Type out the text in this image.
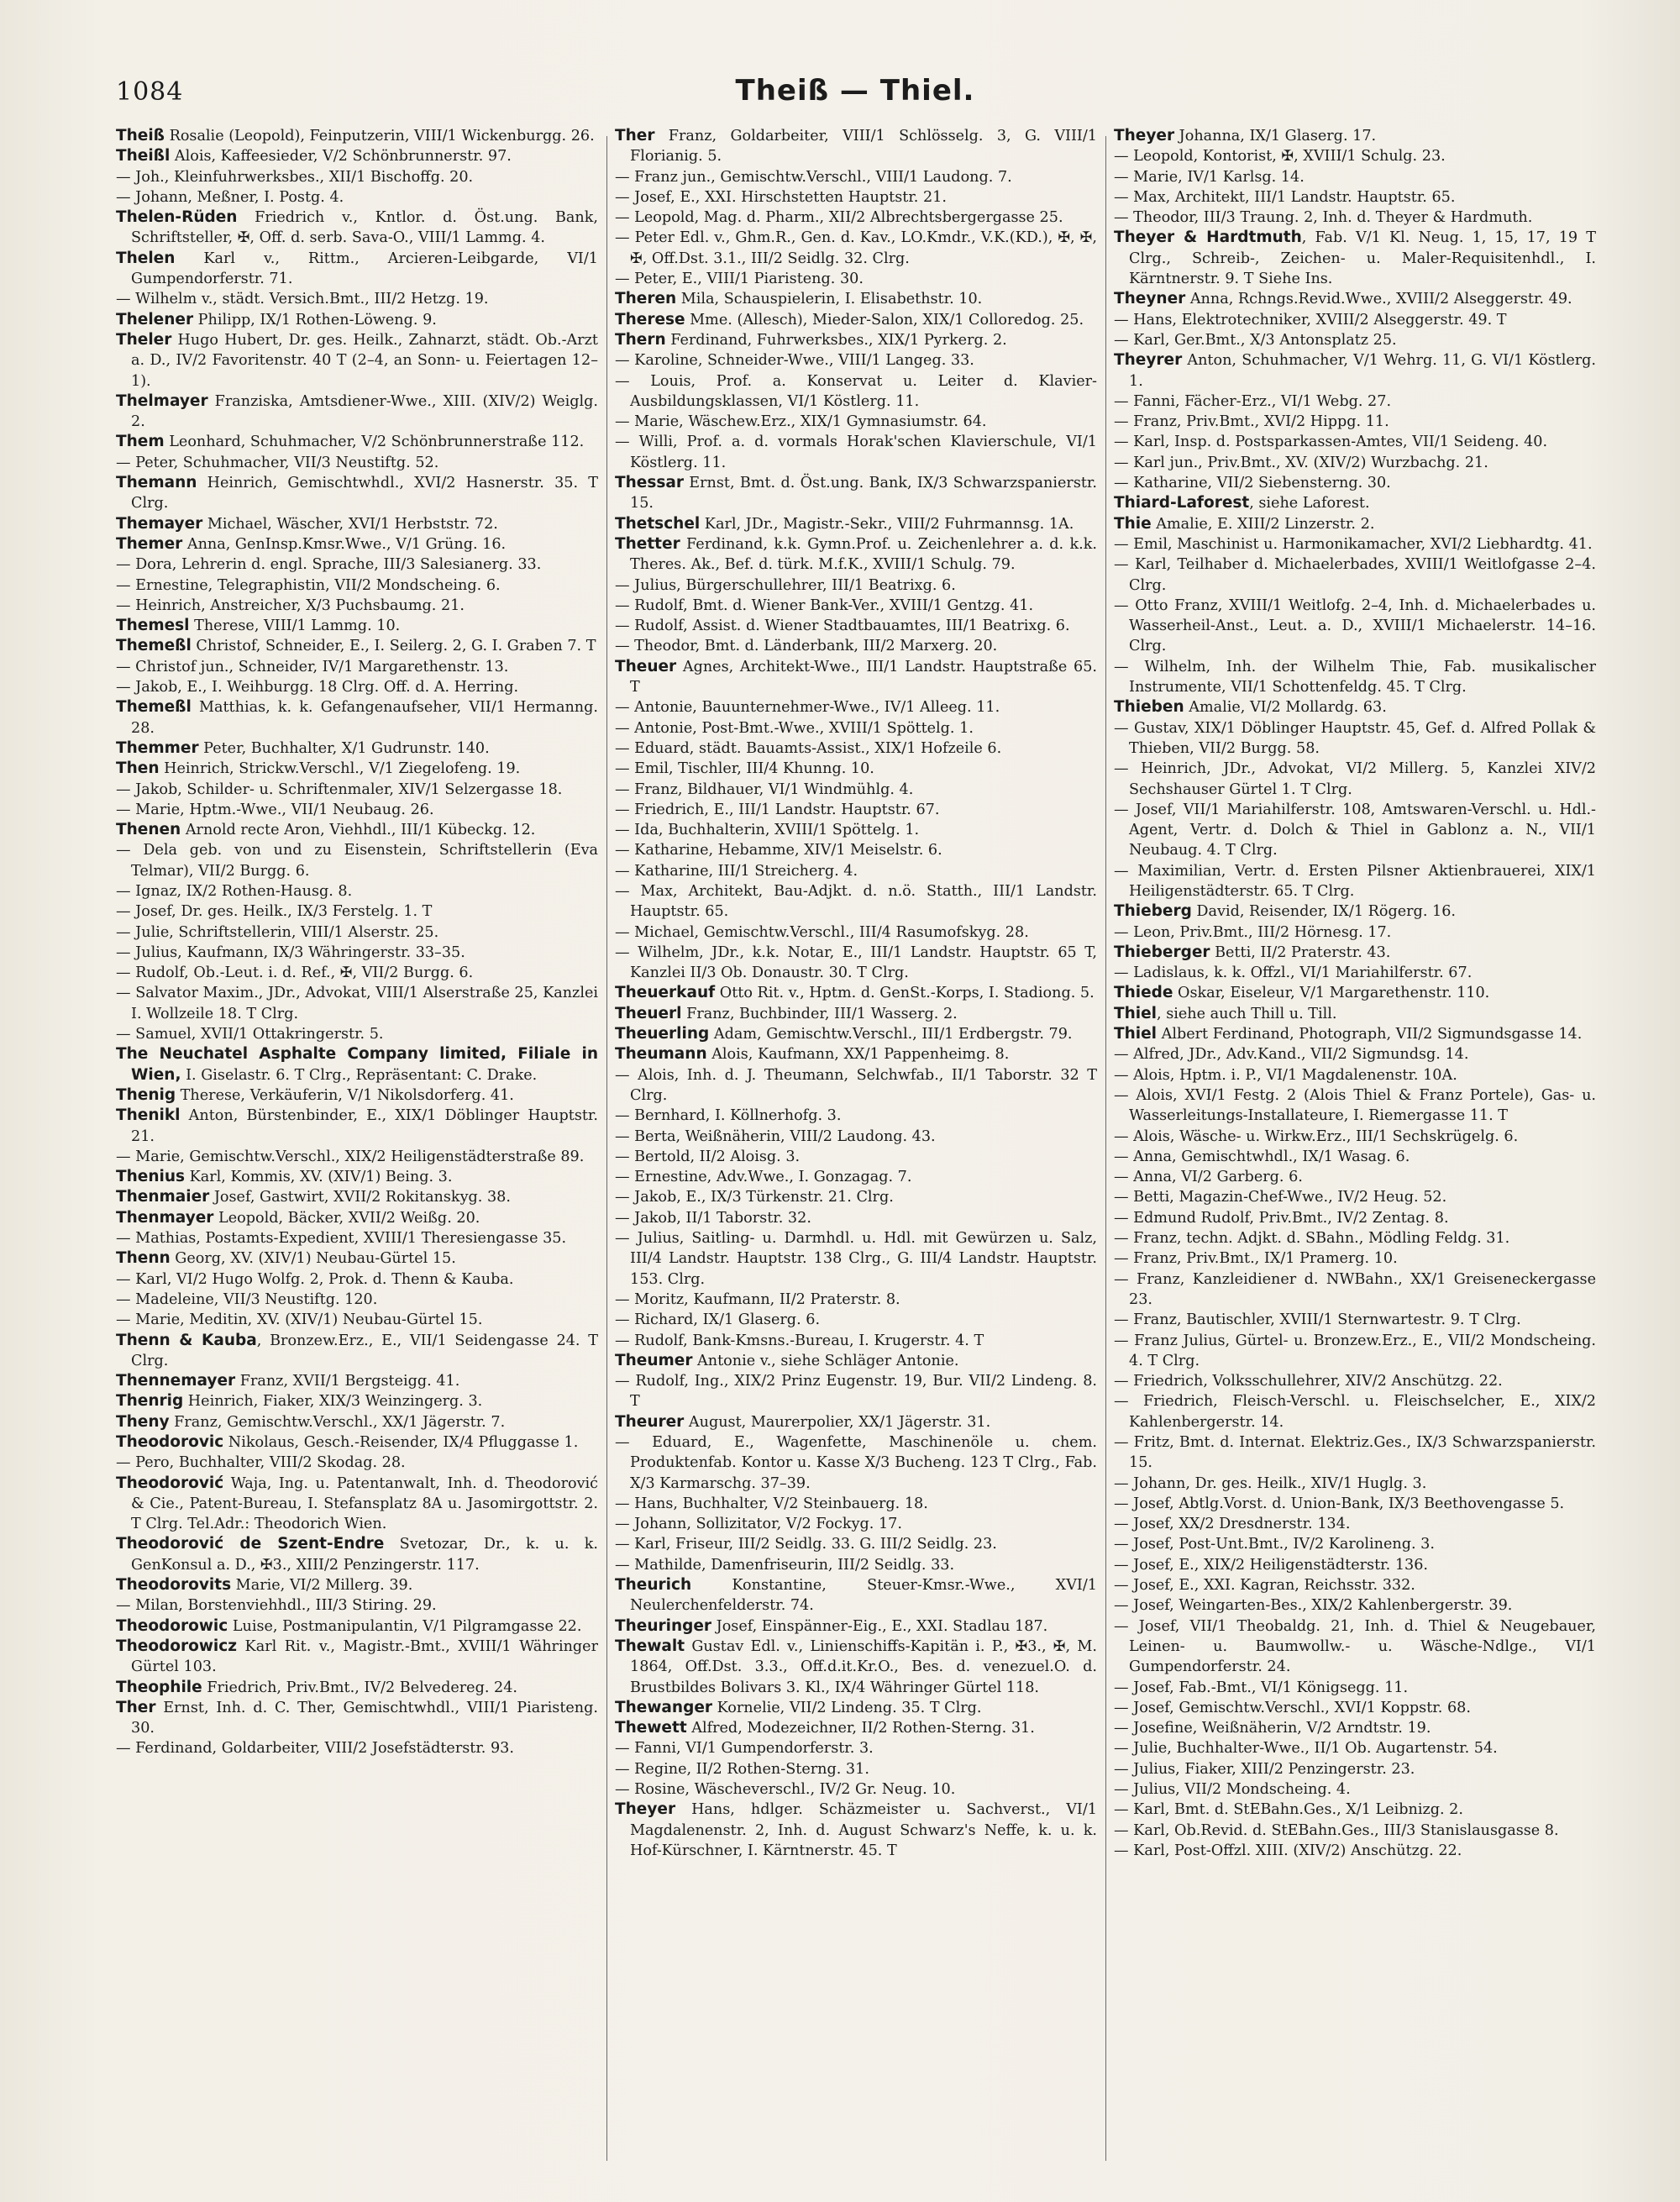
1084	Theiß — Thiel.

Theiß Rosalie (Leopold), Feinputzerin, VIII/1 Wickenburgg. 26.

Theißl Alois, Kaffeesieder, V/2 Schönbrunnerstr. 97.

— Joh., Kleinfuhrwerksbes., XII/1 Bischoffg. 20.

— Johann, Meßner, I. Postg. 4.

Thelen-Rüden Friedrich v., Kntlor. d. Öst.ung. Bank, Schriftsteller, ✠, Off. d. serb. Sava-O., VIII/1 Lammg. 4.

Thelen Karl v., Rittm., Arcieren-Leibgarde, VI/1 Gumpendorferstr. 71.

— Wilhelm v., städt. Versich.Bmt., III/2 Hetzg. 19.

Thelener Philipp, IX/1 Rothen-Löweng. 9.

Theler Hugo Hubert, Dr. ges. Heilk., Zahnarzt, städt. Ob.-Arzt a. D., IV/2 Favoritenstr. 40 T (2–4, an Sonn- u. Feiertagen 12–1).

Thelmayer Franziska, Amtsdiener-Wwe., XIII. (XIV/2) Weiglg. 2.

Them Leonhard, Schuhmacher, V/2 Schönbrunnerstraße 112.

— Peter, Schuhmacher, VII/3 Neustiftg. 52.

Themann Heinrich, Gemischtwhdl., XVI/2 Hasnerstr. 35. T Clrg.

Themayer Michael, Wäscher, XVI/1 Herbststr. 72.

Themer Anna, GenInsp.Kmsr.Wwe., V/1 Grüng. 16.

— Dora, Lehrerin d. engl. Sprache, III/3 Salesianerg. 33.

— Ernestine, Telegraphistin, VII/2 Mondscheing. 6.

— Heinrich, Anstreicher, X/3 Puchsbaumg. 21.

Themesl Therese, VIII/1 Lammg. 10.

Themeßl Christof, Schneider, E., I. Seilerg. 2, G. I. Graben 7. T

— Christof jun., Schneider, IV/1 Margarethenstr. 13.

— Jakob, E., I. Weihburgg. 18 Clrg. Off. d. A. Herring.

Themeßl Matthias, k. k. Gefangenaufseher, VII/1 Hermanng. 28.

Themmer Peter, Buchhalter, X/1 Gudrunstr. 140.

Then Heinrich, Strickw.Verschl., V/1 Ziegelofeng. 19.

— Jakob, Schilder- u. Schriftenmaler, XIV/1 Selzergasse 18.

— Marie, Hptm.-Wwe., VII/1 Neubaug. 26.

Thenen Arnold recte Aron, Viehhdl., III/1 Kübeckg. 12.

— Dela geb. von und zu Eisenstein, Schriftstellerin (Eva Telmar), VII/2 Burgg. 6.

— Ignaz, IX/2 Rothen-Hausg. 8.

— Josef, Dr. ges. Heilk., IX/3 Ferstelg. 1. T

— Julie, Schriftstellerin, VIII/1 Alserstr. 25.

— Julius, Kaufmann, IX/3 Währingerstr. 33–35.

— Rudolf, Ob.-Leut. i. d. Ref., ✠, VII/2 Burgg. 6.

— Salvator Maxim., JDr., Advokat, VIII/1 Alserstraße 25, Kanzlei I. Wollzeile 18. T Clrg.

— Samuel, XVII/1 Ottakringerstr. 5.

The Neuchatel Asphalte Company limited, Filiale in Wien, I. Giselastr. 6. T Clrg., Repräsentant: C. Drake.

Thenig Therese, Verkäuferin, V/1 Nikolsdorferg. 41.

Thenikl Anton, Bürstenbinder, E., XIX/1 Döblinger Hauptstr. 21.

— Marie, Gemischtw.Verschl., XIX/2 Heiligenstädterstraße 89.

Thenius Karl, Kommis, XV. (XIV/1) Being. 3.

Thenmaier Josef, Gastwirt, XVII/2 Rokitanskyg. 38.

Thenmayer Leopold, Bäcker, XVII/2 Weißg. 20.

— Mathias, Postamts-Expedient, XVIII/1 Theresiengasse 35.

Thenn Georg, XV. (XIV/1) Neubau-Gürtel 15.

— Karl, VI/2 Hugo Wolfg. 2, Prok. d. Thenn & Kauba.

— Madeleine, VII/3 Neustiftg. 120.

— Marie, Meditin, XV. (XIV/1) Neubau-Gürtel 15.

Thenn & Kauba, Bronzew.Erz., E., VII/1 Seidengasse 24. T Clrg.

Thennemayer Franz, XVII/1 Bergsteigg. 41.

Thenrig Heinrich, Fiaker, XIX/3 Weinzingerg. 3.

Theny Franz, Gemischtw.Verschl., XX/1 Jägerstr. 7.

Theodorovic Nikolaus, Gesch.-Reisender, IX/4 Pfluggasse 1.

— Pero, Buchhalter, VIII/2 Skodag. 28.

Theodorović Waja, Ing. u. Patentanwalt, Inh. d. Theodorović & Cie., Patent-Bureau, I. Stefansplatz 8A u. Jasomirgottstr. 2. T Clrg. Tel.Adr.: Theodorich Wien.

Theodorović de Szent-Endre Svetozar, Dr., k. u. k. GenKonsul a. D., ✠3., XIII/2 Penzingerstr. 117.

Theodorovits Marie, VI/2 Millerg. 39.

— Milan, Borstenviehhdl., III/3 Stiring. 29.

Theodorowic Luise, Postmanipulantin, V/1 Pilgramgasse 22.

Theodorowicz Karl Rit. v., Magistr.-Bmt., XVIII/1 Währinger Gürtel 103.

Theophile Friedrich, Priv.Bmt., IV/2 Belvedereg. 24.

Ther Ernst, Inh. d. C. Ther, Gemischtwhdl., VIII/1 Piaristeng. 30.

— Ferdinand, Goldarbeiter, VIII/2 Josefstädterstr. 93.

Ther Franz, Goldarbeiter, VIII/1 Schlösselg. 3, G. VIII/1 Florianig. 5.

— Franz jun., Gemischtw.Verschl., VIII/1 Laudong. 7.

— Josef, E., XXI. Hirschstetten Hauptstr. 21.

— Leopold, Mag. d. Pharm., XII/2 Albrechtsbergergasse 25.

— Peter Edl. v., Ghm.R., Gen. d. Kav., LO.Kmdr., V.K.(KD.), ✠, ✠, ✠, Off.Dst. 3.1., III/2 Seidlg. 32. Clrg.

— Peter, E., VIII/1 Piaristeng. 30.

Theren Mila, Schauspielerin, I. Elisabethstr. 10.

Therese Mme. (Allesch), Mieder-Salon, XIX/1 Colloredog. 25.

Thern Ferdinand, Fuhrwerksbes., XIX/1 Pyrkerg. 2.

— Karoline, Schneider-Wwe., VIII/1 Langeg. 33.

— Louis, Prof. a. Konservat u. Leiter d. Klavier-Ausbildungsklassen, VI/1 Köstlerg. 11.

— Marie, Wäschew.Erz., XIX/1 Gymnasiumstr. 64.

— Willi, Prof. a. d. vormals Horak'schen Klavierschule, VI/1 Köstlerg. 11.

Thessar Ernst, Bmt. d. Öst.ung. Bank, IX/3 Schwarzspanierstr. 15.

Thetschel Karl, JDr., Magistr.-Sekr., VIII/2 Fuhrmannsg. 1A.

Thetter Ferdinand, k.k. Gymn.Prof. u. Zeichenlehrer a. d. k.k. Theres. Ak., Bef. d. türk. M.f.K., XVIII/1 Schulg. 79.

— Julius, Bürgerschullehrer, III/1 Beatrixg. 6.

— Rudolf, Bmt. d. Wiener Bank-Ver., XVIII/1 Gentzg. 41.

— Rudolf, Assist. d. Wiener Stadtbauamtes, III/1 Beatrixg. 6.

— Theodor, Bmt. d. Länderbank, III/2 Marxerg. 20.

Theuer Agnes, Architekt-Wwe., III/1 Landstr. Hauptstraße 65. T

— Antonie, Bauunternehmer-Wwe., IV/1 Alleeg. 11.

— Antonie, Post-Bmt.-Wwe., XVIII/1 Spöttelg. 1.

— Eduard, städt. Bauamts-Assist., XIX/1 Hofzeile 6.

— Emil, Tischler, III/4 Khunng. 10.

— Franz, Bildhauer, VI/1 Windmühlg. 4.

— Friedrich, E., III/1 Landstr. Hauptstr. 67.

— Ida, Buchhalterin, XVIII/1 Spöttelg. 1.

— Katharine, Hebamme, XIV/1 Meiselstr. 6.

— Katharine, III/1 Streicherg. 4.

— Max, Architekt, Bau-Adjkt. d. n.ö. Statth., III/1 Landstr. Hauptstr. 65.

— Michael, Gemischtw.Verschl., III/4 Rasumofskyg. 28.

— Wilhelm, JDr., k.k. Notar, E., III/1 Landstr. Hauptstr. 65 T, Kanzlei II/3 Ob. Donaustr. 30. T Clrg.

Theuerkauf Otto Rit. v., Hptm. d. GenSt.-Korps, I. Stadiong. 5.

Theuerl Franz, Buchbinder, III/1 Wasserg. 2.

Theuerling Adam, Gemischtw.Verschl., III/1 Erdbergstr. 79.

Theumann Alois, Kaufmann, XX/1 Pappenheimg. 8.

— Alois, Inh. d. J. Theumann, Selchwfab., II/1 Taborstr. 32 T Clrg.

— Bernhard, I. Köllnerhofg. 3.

— Berta, Weißnäherin, VIII/2 Laudong. 43.

— Bertold, II/2 Aloisg. 3.

— Ernestine, Adv.Wwe., I. Gonzagag. 7.

— Jakob, E., IX/3 Türkenstr. 21. Clrg.

— Jakob, II/1 Taborstr. 32.

— Julius, Saitling- u. Darmhdl. u. Hdl. mit Gewürzen u. Salz, III/4 Landstr. Hauptstr. 138 Clrg., G. III/4 Landstr. Hauptstr. 153. Clrg.

— Moritz, Kaufmann, II/2 Praterstr. 8.

— Richard, IX/1 Glaserg. 6.

— Rudolf, Bank-Kmsns.-Bureau, I. Krugerstr. 4. T

Theumer Antonie v., siehe Schläger Antonie.

— Rudolf, Ing., XIX/2 Prinz Eugenstr. 19, Bur. VII/2 Lindeng. 8. T

Theurer August, Maurerpolier, XX/1 Jägerstr. 31.

— Eduard, E., Wagenfette, Maschinenöle u. chem. Produktenfab. Kontor u. Kasse X/3 Bucheng. 123 T Clrg., Fab. X/3 Karmarschg. 37–39.

— Hans, Buchhalter, V/2 Steinbauerg. 18.

— Johann, Sollizitator, V/2 Fockyg. 17.

— Karl, Friseur, III/2 Seidlg. 33. G. III/2 Seidlg. 23.

— Mathilde, Damenfriseurin, III/2 Seidlg. 33.

Theurich Konstantine, Steuer-Kmsr.-Wwe., XVI/1 Neulerchenfelderstr. 74.

Theuringer Josef, Einspänner-Eig., E., XXI. Stadlau 187.

Thewalt Gustav Edl. v., Linienschiffs-Kapitän i. P., ✠3., ✠, M. 1864, Off.Dst. 3.3., Off.d.it.Kr.O., Bes. d. venezuel.O. d. Brustbildes Bolivars 3. Kl., IX/4 Währinger Gürtel 118.

Thewanger Kornelie, VII/2 Lindeng. 35. T Clrg.

Thewett Alfred, Modezeichner, II/2 Rothen-Sterng. 31.

— Fanni, VI/1 Gumpendorferstr. 3.

— Regine, II/2 Rothen-Sterng. 31.

— Rosine, Wäscheverschl., IV/2 Gr. Neug. 10.

Theyer Hans, hdlger. Schäzmeister u. Sachverst., VI/1 Magdalenenstr. 2, Inh. d. August Schwarz's Neffe, k. u. k. Hof-Kürschner, I. Kärntnerstr. 45. T

Theyer Johanna, IX/1 Glaserg. 17.

— Leopold, Kontorist, ✠, XVIII/1 Schulg. 23.

— Marie, IV/1 Karlsg. 14.

— Max, Architekt, III/1 Landstr. Hauptstr. 65.

— Theodor, III/3 Traung. 2, Inh. d. Theyer & Hardmuth.

Theyer & Hardtmuth, Fab. V/1 Kl. Neug. 1, 15, 17, 19 T Clrg., Schreib-, Zeichen- u. Maler-Requisitenhdl., I. Kärntnerstr. 9. T Siehe Ins.

Theyner Anna, Rchngs.Revid.Wwe., XVIII/2 Alseggerstr. 49.

— Hans, Elektrotechniker, XVIII/2 Alseggerstr. 49. T

— Karl, Ger.Bmt., X/3 Antonsplatz 25.

Theyrer Anton, Schuhmacher, V/1 Wehrg. 11, G. VI/1 Köstlerg. 1.

— Fanni, Fächer-Erz., VI/1 Webg. 27.

— Franz, Priv.Bmt., XVI/2 Hippg. 11.

— Karl, Insp. d. Postsparkassen-Amtes, VII/1 Seideng. 40.

— Karl jun., Priv.Bmt., XV. (XIV/2) Wurzbachg. 21.

— Katharine, VII/2 Siebensterng. 30.

Thiard-Laforest, siehe Laforest.

Thie Amalie, E. XIII/2 Linzerstr. 2.

— Emil, Maschinist u. Harmonikamacher, XVI/2 Liebhardtg. 41.

— Karl, Teilhaber d. Michaelerbades, XVIII/1 Weitlofgasse 2–4. Clrg.

— Otto Franz, XVIII/1 Weitlofg. 2–4, Inh. d. Michaelerbades u. Wasserheil-Anst., Leut. a. D., XVIII/1 Michaelerstr. 14–16. Clrg.

— Wilhelm, Inh. der Wilhelm Thie, Fab. musikalischer Instrumente, VII/1 Schottenfeldg. 45. T Clrg.

Thieben Amalie, VI/2 Mollardg. 63.

— Gustav, XIX/1 Döblinger Hauptstr. 45, Gef. d. Alfred Pollak & Thieben, VII/2 Burgg. 58.

— Heinrich, JDr., Advokat, VI/2 Millerg. 5, Kanzlei XIV/2 Sechshauser Gürtel 1. T Clrg.

— Josef, VII/1 Mariahilferstr. 108, Amtswaren-Verschl. u. Hdl.-Agent, Vertr. d. Dolch & Thiel in Gablonz a. N., VII/1 Neubaug. 4. T Clrg.

— Maximilian, Vertr. d. Ersten Pilsner Aktienbrauerei, XIX/1 Heiligenstädterstr. 65. T Clrg.

Thieberg David, Reisender, IX/1 Rögerg. 16.

— Leon, Priv.Bmt., III/2 Hörnesg. 17.

Thieberger Betti, II/2 Praterstr. 43.

— Ladislaus, k. k. Offzl., VI/1 Mariahilferstr. 67.

Thiede Oskar, Eiseleur, V/1 Margarethenstr. 110.

Thiel, siehe auch Thill u. Till.

Thiel Albert Ferdinand, Photograph, VII/2 Sigmundsgasse 14.

— Alfred, JDr., Adv.Kand., VII/2 Sigmundsg. 14.

— Alois, Hptm. i. P., VI/1 Magdalenenstr. 10A.

— Alois, XVI/1 Festg. 2 (Alois Thiel & Franz Portele), Gas- u. Wasserleitungs-Installateure, I. Riemergasse 11. T

— Alois, Wäsche- u. Wirkw.Erz., III/1 Sechskrügelg. 6.

— Anna, Gemischtwhdl., IX/1 Wasag. 6.

— Anna, VI/2 Garberg. 6.

— Betti, Magazin-Chef-Wwe., IV/2 Heug. 52.

— Edmund Rudolf, Priv.Bmt., IV/2 Zentag. 8.

— Franz, techn. Adjkt. d. SBahn., Mödling Feldg. 31.

— Franz, Priv.Bmt., IX/1 Pramerg. 10.

— Franz, Kanzleidiener d. NWBahn., XX/1 Greiseneckergasse 23.

— Franz, Bautischler, XVIII/1 Sternwartestr. 9. T Clrg.

— Franz Julius, Gürtel- u. Bronzew.Erz., E., VII/2 Mondscheing. 4. T Clrg.

— Friedrich, Volksschullehrer, XIV/2 Anschützg. 22.

— Friedrich, Fleisch-Verschl. u. Fleischselcher, E., XIX/2 Kahlenbergerstr. 14.

— Fritz, Bmt. d. Internat. Elektriz.Ges., IX/3 Schwarzspanierstr. 15.

— Johann, Dr. ges. Heilk., XIV/1 Huglg. 3.

— Josef, Abtlg.Vorst. d. Union-Bank, IX/3 Beethovengasse 5.

— Josef, XX/2 Dresdnerstr. 134.

— Josef, Post-Unt.Bmt., IV/2 Karolineng. 3.

— Josef, E., XIX/2 Heiligenstädterstr. 136.

— Josef, E., XXI. Kagran, Reichsstr. 332.

— Josef, Weingarten-Bes., XIX/2 Kahlenbergerstr. 39.

— Josef, VII/1 Theobaldg. 21, Inh. d. Thiel & Neugebauer, Leinen- u. Baumwollw.- u. Wäsche-Ndlge., VI/1 Gumpendorferstr. 24.

— Josef, Fab.-Bmt., VI/1 Königsegg. 11.

— Josef, Gemischtw.Verschl., XVI/1 Koppstr. 68.

— Josefine, Weißnäherin, V/2 Arndtstr. 19.

— Julie, Buchhalter-Wwe., II/1 Ob. Augartenstr. 54.

— Julius, Fiaker, XIII/2 Penzingerstr. 23.

— Julius, VII/2 Mondscheing. 4.

— Karl, Bmt. d. StEBahn.Ges., X/1 Leibnizg. 2.

— Karl, Ob.Revid. d. StEBahn.Ges., III/3 Stanislausgasse 8.

— Karl, Post-Offzl. XIII. (XIV/2) Anschützg. 22.
